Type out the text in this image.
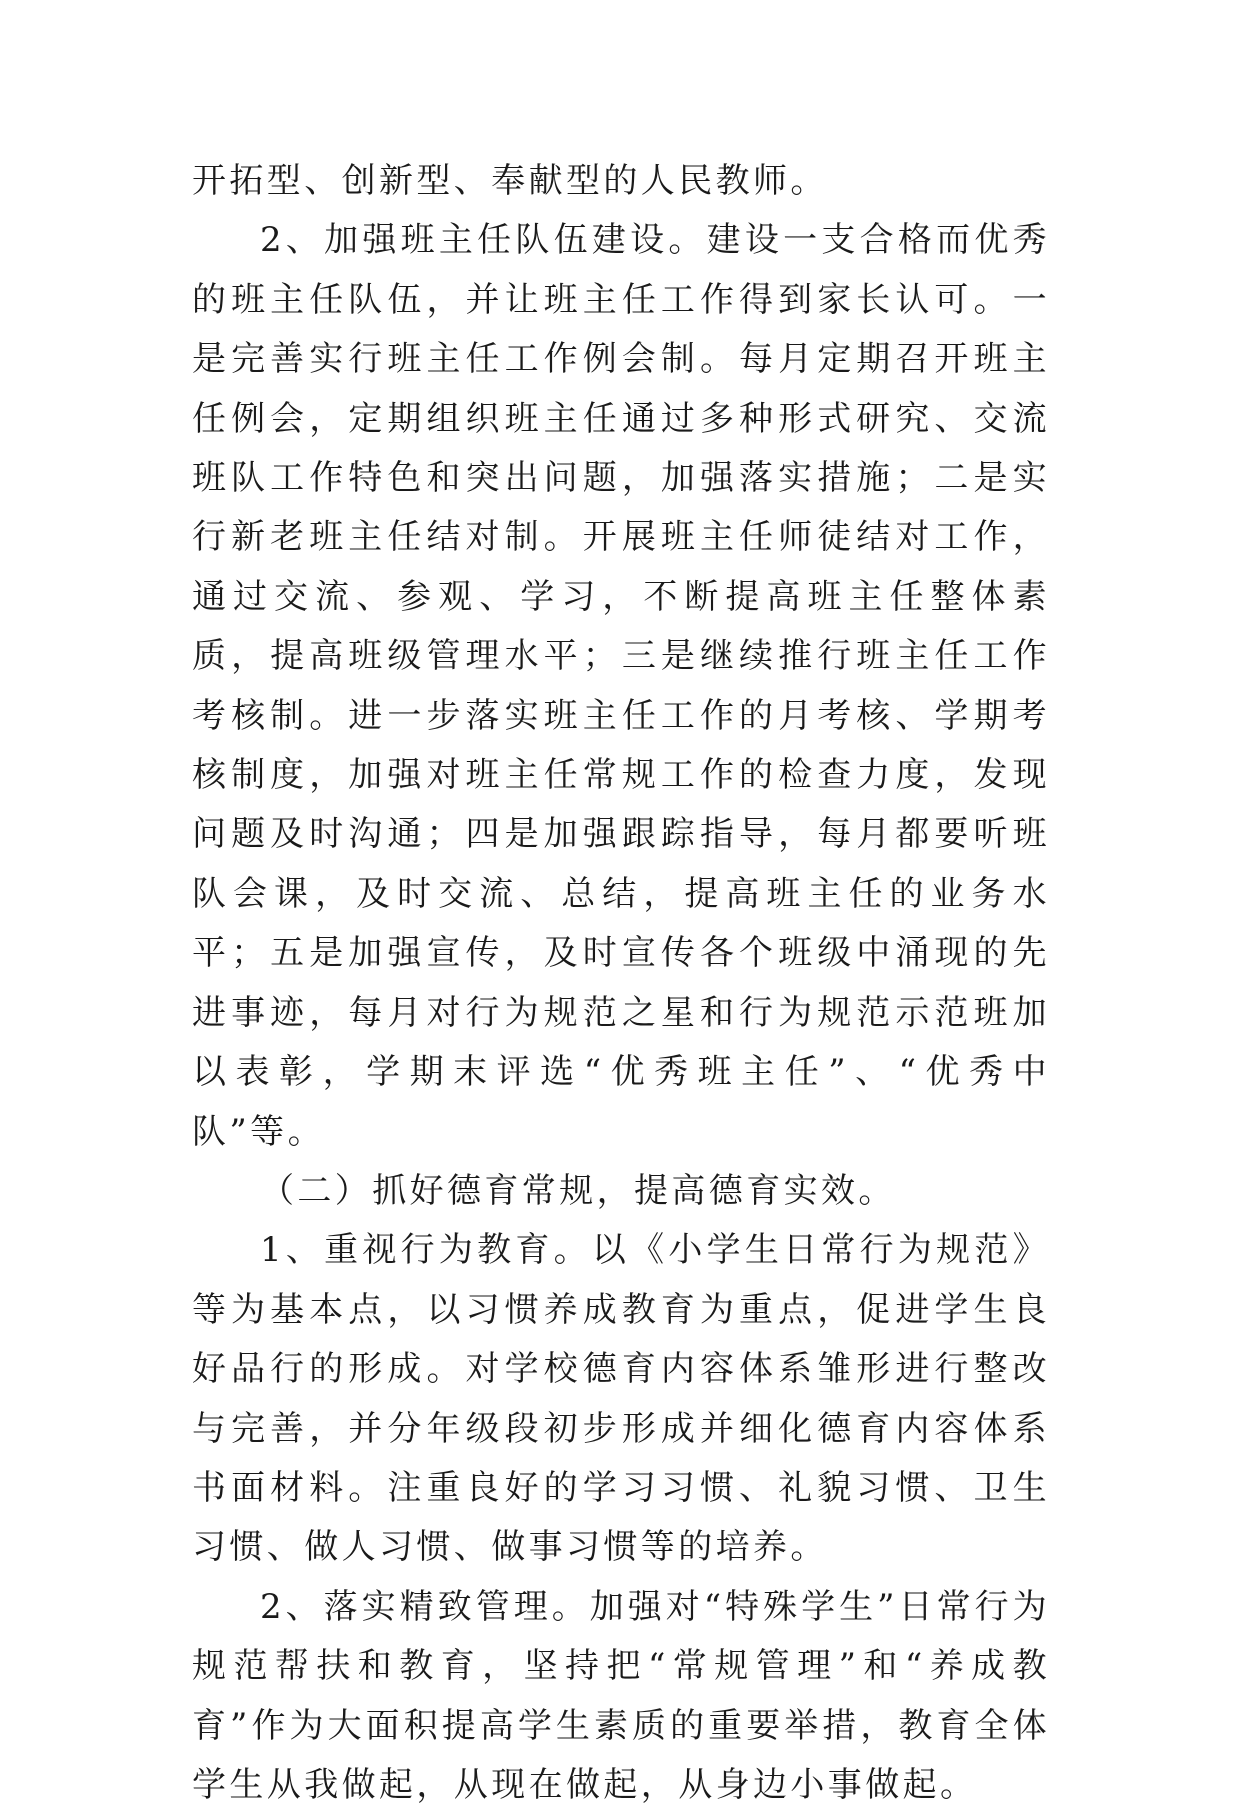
开拓型、创新型、奉献型的人民教师。

2、加强班主任队伍建设。建设一支合格而优秀的班主任队伍，并让班主任工作得到家长认可。一是完善实行班主任工作例会制。每月定期召开班主任例会，定期组织班主任通过多种形式研究、交流班队工作特色和突出问题，加强落实措施；二是实行新老班主任结对制。开展班主任师徒结对工作，通过交流、参观、学习，不断提高班主任整体素质，提高班级管理水平；三是继续推行班主任工作考核制。进一步落实班主任工作的月考核、学期考核制度，加强对班主任常规工作的检查力度，发现问题及时沟通；四是加强跟踪指导，每月都要听班队会课，及时交流、总结，提高班主任的业务水平；五是加强宣传，及时宣传各个班级中涌现的先进事迹，每月对行为规范之星和行为规范示范班加以表彰，学期末评选“优秀班主任”、“优秀中队”等。

（二）抓好德育常规，提高德育实效。

1、重视行为教育。以《小学生日常行为规范》等为基本点，以习惯养成教育为重点，促进学生良好品行的形成。对学校德育内容体系雏形进行整改与完善，并分年级段初步形成并细化德育内容体系书面材料。注重良好的学习习惯、礼貌习惯、卫生习惯、做人习惯、做事习惯等的培养。

2、落实精致管理。加强对“特殊学生”日常行为规范帮扶和教育，坚持把“常规管理”和“养成教育”作为大面积提高学生素质的重要举措，教育全体学生从我做起，从现在做起，从身边小事做起。
